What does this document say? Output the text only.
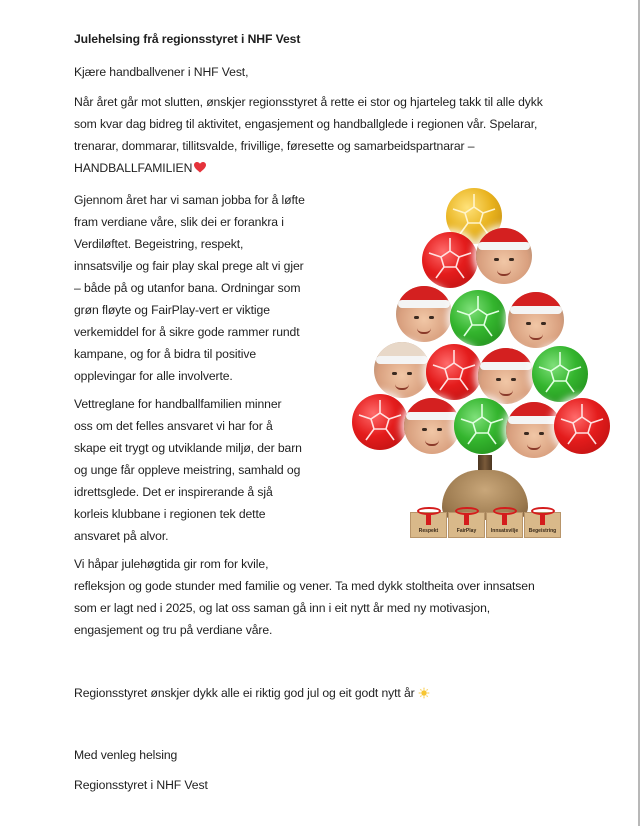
Julehelsing frå regionsstyret i NHF Vest
Kjære handballvener i NHF Vest,
Når året går mot slutten, ønskjer regionsstyret å rette ei stor og hjarteleg takk til alle dykk
som kvar dag bidreg til aktivitet, engasjement og handballglede i regionen vår. Spelarar,
trenarar, dommarar, tillitsvalde, frivillige, føresette og samarbeidspartnarar –
HANDBALLFAMILIEN
Gjennom året har vi saman jobba for å løfte
fram verdiane våre, slik dei er forankra i
Verdiløftet. Begeistring, respekt,
innsatsvilje og fair play skal prege alt vi gjer
– både på og utanfor bana. Ordningar som
grøn fløyte og FairPlay-vert er viktige
verkemiddel for å sikre gode rammer rundt
kampane, og for å bidra til positive
opplevingar for alle involverte.
Vettreglane for handballfamilien minner
oss om det felles ansvaret vi har for å
skape eit trygt og utviklande miljø, der barn
og unge får oppleve meistring, samhald og
idrettsglede. Det er inspirerande å sjå
korleis klubbane i regionen tek dette
ansvaret på alvor.
Vi håpar julehøgtida gir rom for kvile,
refleksjon og gode stunder med familie og vener. Ta med dykk stoltheita over innsatsen
som er lagt ned i 2025, og lat oss saman gå inn i eit nytt år med ny motivasjon,
engasjement og tru på verdiane våre.
Regionsstyret ønskjer dykk alle ei riktig god jul og eit godt nytt år
Med venleg helsing
Regionsstyret i NHF Vest
Respekt	FairPlay	Innsatsvilje	Begeistring
